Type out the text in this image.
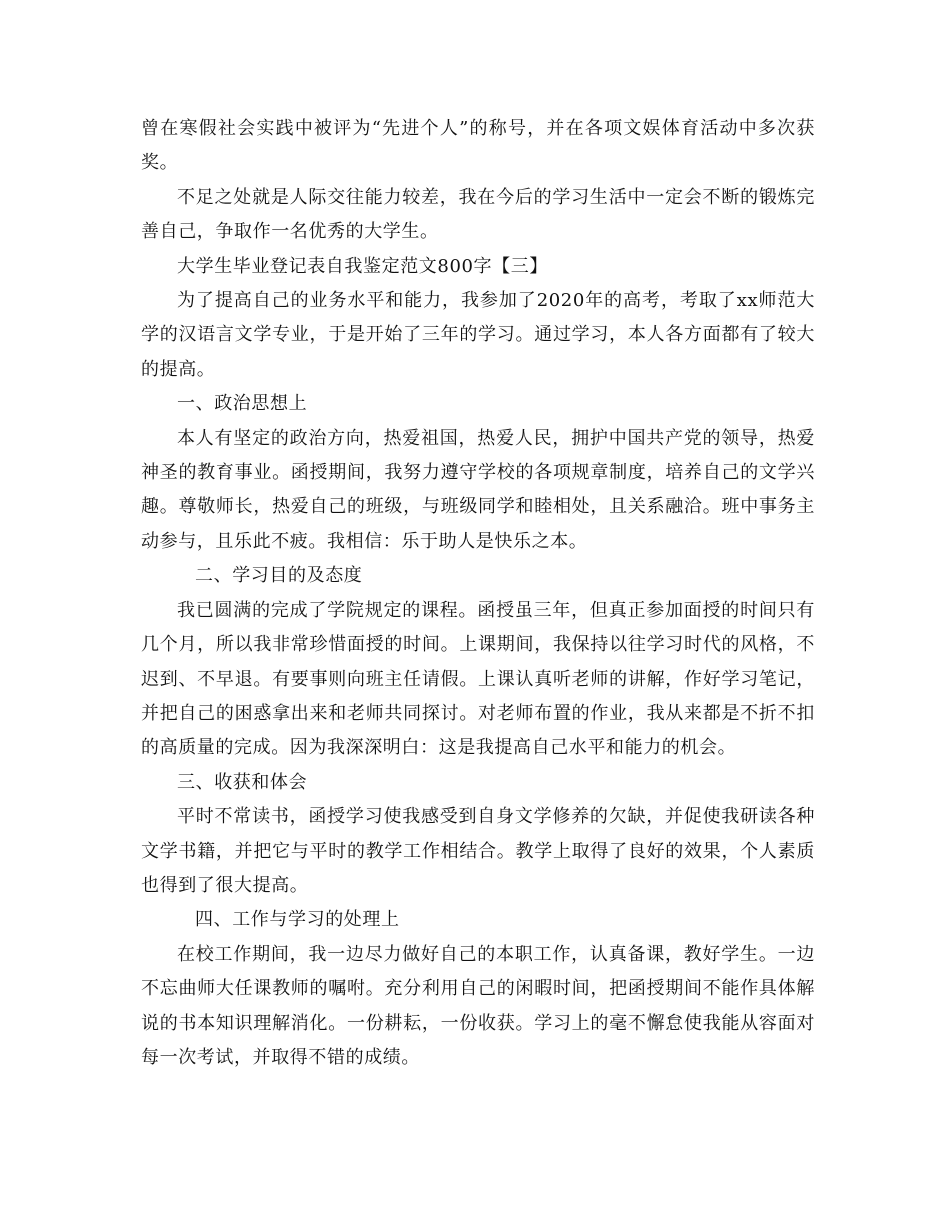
曾在寒假社会实践中被评为“先进个人”的称号，并在各项文娱体育活动中多次获奖。

不足之处就是人际交往能力较差，我在今后的学习生活中一定会不断的锻炼完善自己，争取作一名优秀的大学生。

大学生毕业登记表自我鉴定范文800字【三】

为了提高自己的业务水平和能力，我参加了2020年的高考，考取了xx师范大学的汉语言文学专业，于是开始了三年的学习。通过学习，本人各方面都有了较大的提高。

一、政治思想上

本人有坚定的政治方向，热爱祖国，热爱人民，拥护中国共产党的领导，热爱神圣的教育事业。函授期间，我努力遵守学校的各项规章制度，培养自己的文学兴趣。尊敬师长，热爱自己的班级，与班级同学和睦相处，且关系融洽。班中事务主动参与，且乐此不疲。我相信：乐于助人是快乐之本。

二、学习目的及态度

我已圆满的完成了学院规定的课程。函授虽三年，但真正参加面授的时间只有几个月，所以我非常珍惜面授的时间。上课期间，我保持以往学习时代的风格，不迟到、不早退。有要事则向班主任请假。上课认真听老师的讲解，作好学习笔记，并把自己的困惑拿出来和老师共同探讨。对老师布置的作业，我从来都是不折不扣的高质量的完成。因为我深深明白：这是我提高自己水平和能力的机会。

三、收获和体会

平时不常读书，函授学习使我感受到自身文学修养的欠缺，并促使我研读各种文学书籍，并把它与平时的教学工作相结合。教学上取得了良好的效果，个人素质也得到了很大提高。

四、工作与学习的处理上

在校工作期间，我一边尽力做好自己的本职工作，认真备课，教好学生。一边不忘曲师大任课教师的嘱咐。充分利用自己的闲暇时间，把函授期间不能作具体解说的书本知识理解消化。一份耕耘，一份收获。学习上的毫不懈怠使我能从容面对每一次考试，并取得不错的成绩。
